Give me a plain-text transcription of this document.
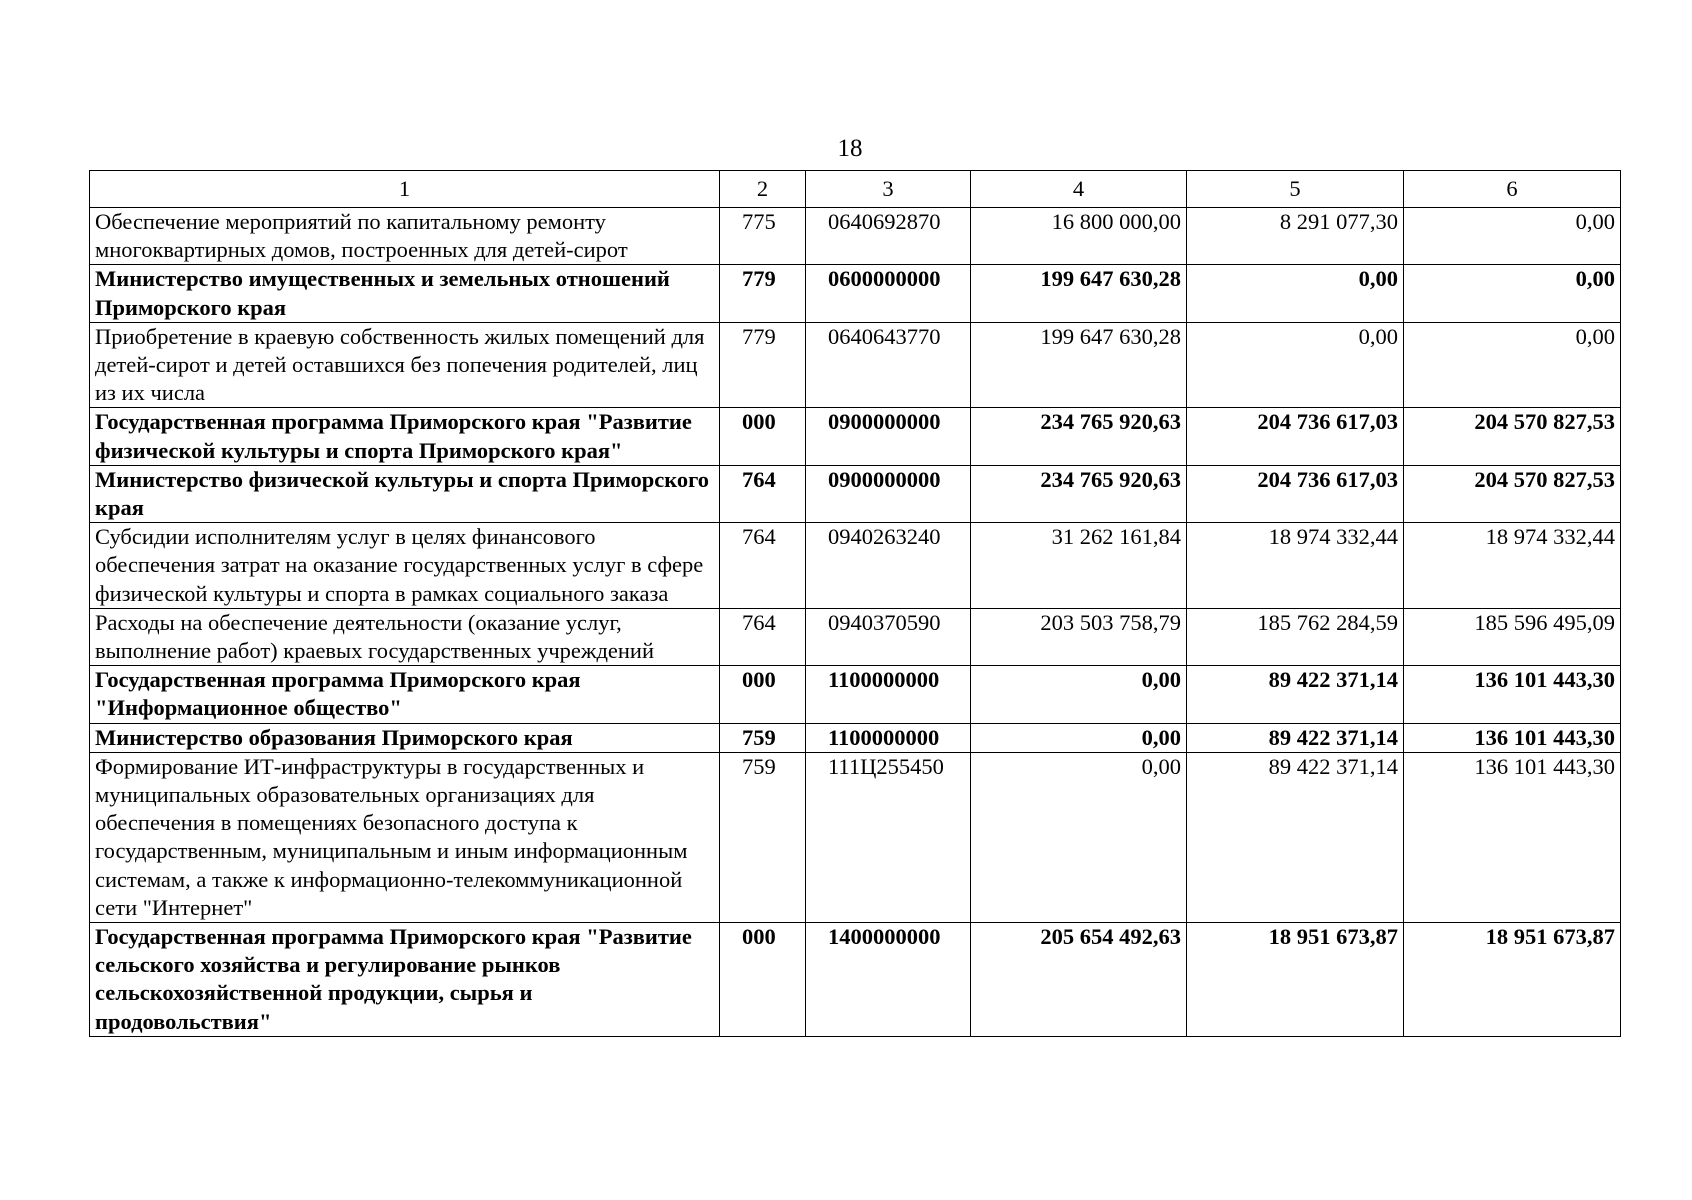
18
1	2	3	4	5	6
Обеспечение мероприятий по капитальному ремонту многоквартирных домов, построенных для детей-сирот	775	0640692870	16 800 000,00	8 291 077,30	0,00
Министерство имущественных и земельных отношений Приморского края	779	0600000000	199 647 630,28	0,00	0,00
Приобретение в краевую собственность жилых помещений для детей-сирот и детей оставшихся без попечения родителей, лиц из их числа	779	0640643770	199 647 630,28	0,00	0,00
Государственная программа Приморского края "Развитие физической культуры и спорта Приморского края"	000	0900000000	234 765 920,63	204 736 617,03	204 570 827,53
Министерство физической культуры и спорта Приморского края	764	0900000000	234 765 920,63	204 736 617,03	204 570 827,53
Субсидии исполнителям услуг в целях финансового обеспечения затрат на оказание государственных услуг в сфере физической культуры и спорта в рамках социального заказа	764	0940263240	31 262 161,84	18 974 332,44	18 974 332,44
Расходы на обеспечение деятельности (оказание услуг, выполнение работ) краевых государственных учреждений	764	0940370590	203 503 758,79	185 762 284,59	185 596 495,09
Государственная программа Приморского края "Информационное общество"	000	1100000000	0,00	89 422 371,14	136 101 443,30
Министерство образования Приморского края	759	1100000000	0,00	89 422 371,14	136 101 443,30
Формирование ИТ-инфраструктуры в государственных и муниципальных образовательных организациях для обеспечения в помещениях безопасного доступа к государственным, муниципальным и иным информационным системам, а также к информационно-телекоммуникационной сети "Интернет"	759	111Ц255450	0,00	89 422 371,14	136 101 443,30
Государственная программа Приморского края "Развитие сельского хозяйства и регулирование рынков сельскохозяйственной продукции, сырья и продовольствия"	000	1400000000	205 654 492,63	18 951 673,87	18 951 673,87
